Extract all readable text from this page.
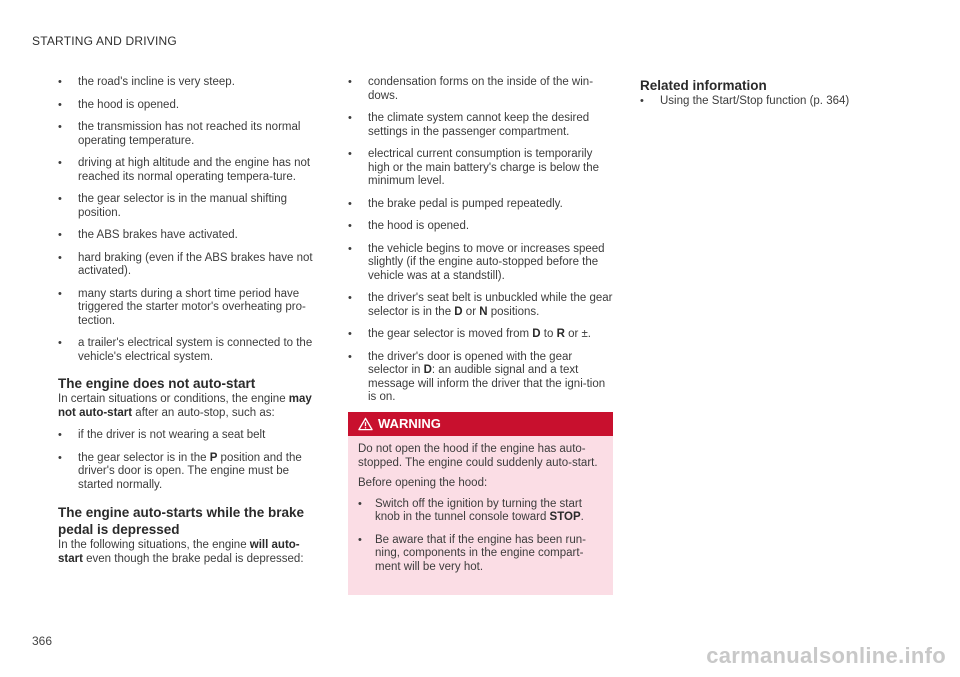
STARTING AND DRIVING
• the road's incline is very steep.
• the hood is opened.
• the transmission has not reached its normal operating temperature.
• driving at high altitude and the engine has not reached its normal operating tempera-ture.
• the gear selector is in the manual shifting position.
• the ABS brakes have activated.
• hard braking (even if the ABS brakes have not activated).
• many starts during a short time period have triggered the starter motor's overheating pro-tection.
• a trailer's electrical system is connected to the vehicle's electrical system.
The engine does not auto-start

In certain situations or conditions, the engine may not auto-start after an auto-stop, such as:

• if the driver is not wearing a seat belt
• the gear selector is in the P position and the driver's door is open. The engine must be started normally.
The engine auto-starts while the brake pedal is depressed

In the following situations, the engine will auto-start even though the brake pedal is depressed:

• condensation forms on the inside of the win-dows.
• the climate system cannot keep the desired settings in the passenger compartment.
• electrical current consumption is temporarily high or the main battery's charge is below the minimum level.
• the brake pedal is pumped repeatedly.
• the hood is opened.
• the vehicle begins to move or increases speed slightly (if the engine auto-stopped before the vehicle was at a standstill).
• the driver's seat belt is unbuckled while the gear selector is in the D or N positions.
• the gear selector is moved from D to R or ±.
• the driver's door is opened with the gear selector in D: an audible signal and a text message will inform the driver that the igni-tion is on.
WARNING

Do not open the hood if the engine has auto-stopped. The engine could suddenly auto-start.

Before opening the hood:

• Switch off the ignition by turning the start knob in the tunnel console toward STOP.
• Be aware that if the engine has been run-ning, components in the engine compart-ment will be very hot.
Related information
• Using the Start/Stop function (p. 364)
366
carmanualsonline.info
